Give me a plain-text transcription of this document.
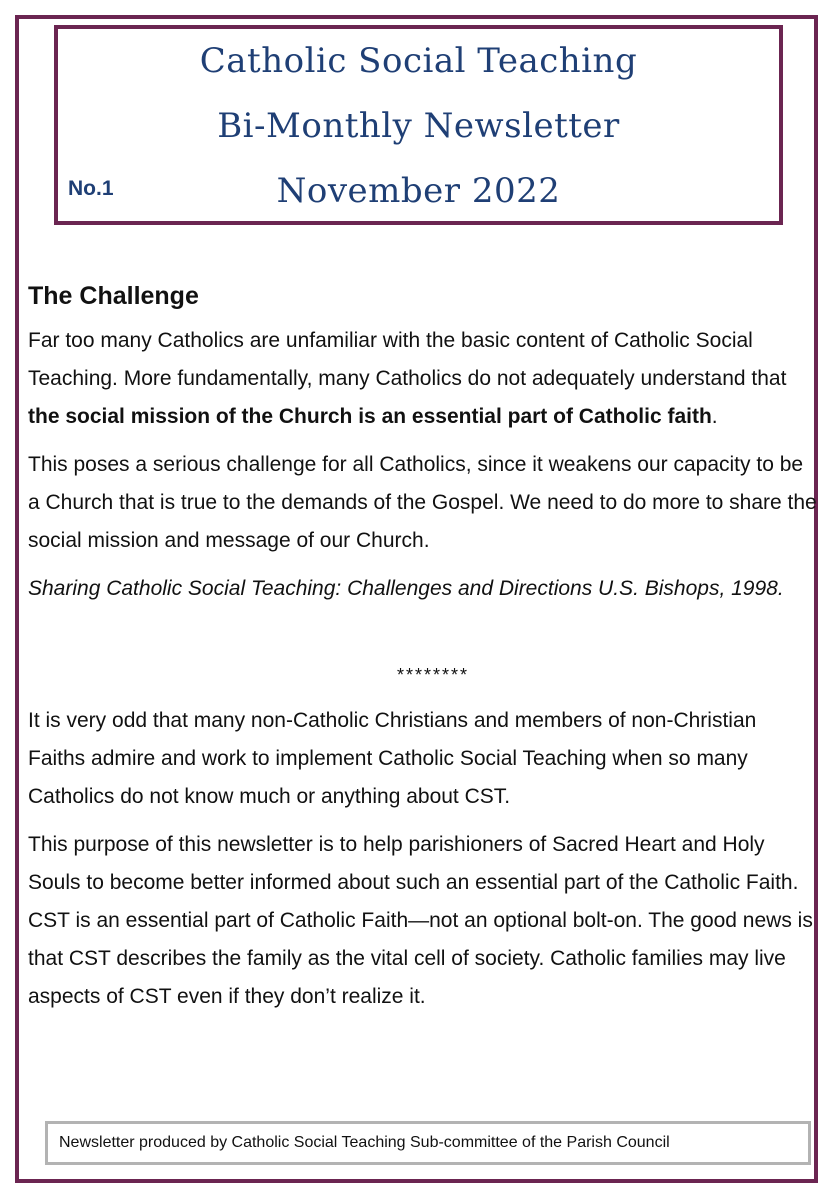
Catholic Social Teaching
Bi-Monthly Newsletter
November 2022
No.1
The Challenge

Far too many Catholics are unfamiliar with the basic content of Catholic Social Teaching. More fundamentally, many Catholics do not adequately understand that the social mission of the Church is an essential part of Catholic faith.

This poses a serious challenge for all Catholics, since it weakens our capacity to be a Church that is true to the demands of the Gospel. We need to do more to share the social mission and message of our Church.

Sharing Catholic Social Teaching: Challenges and Directions U.S. Bishops, 1998.

********

It is very odd that many non-Catholic Christians and members of non-Christian Faiths admire and work to implement Catholic Social Teaching when so many Catholics do not know much or anything about CST.

This purpose of this newsletter is to help parishioners of Sacred Heart and Holy Souls to become better informed about such an essential part of the Catholic Faith. CST is an essential part of Catholic Faith—not an optional bolt-on. The good news is that CST describes the family as the vital cell of society. Catholic families may live aspects of CST even if they don’t realize it.

Newsletter produced by Catholic Social Teaching Sub-committee of the Parish Council
